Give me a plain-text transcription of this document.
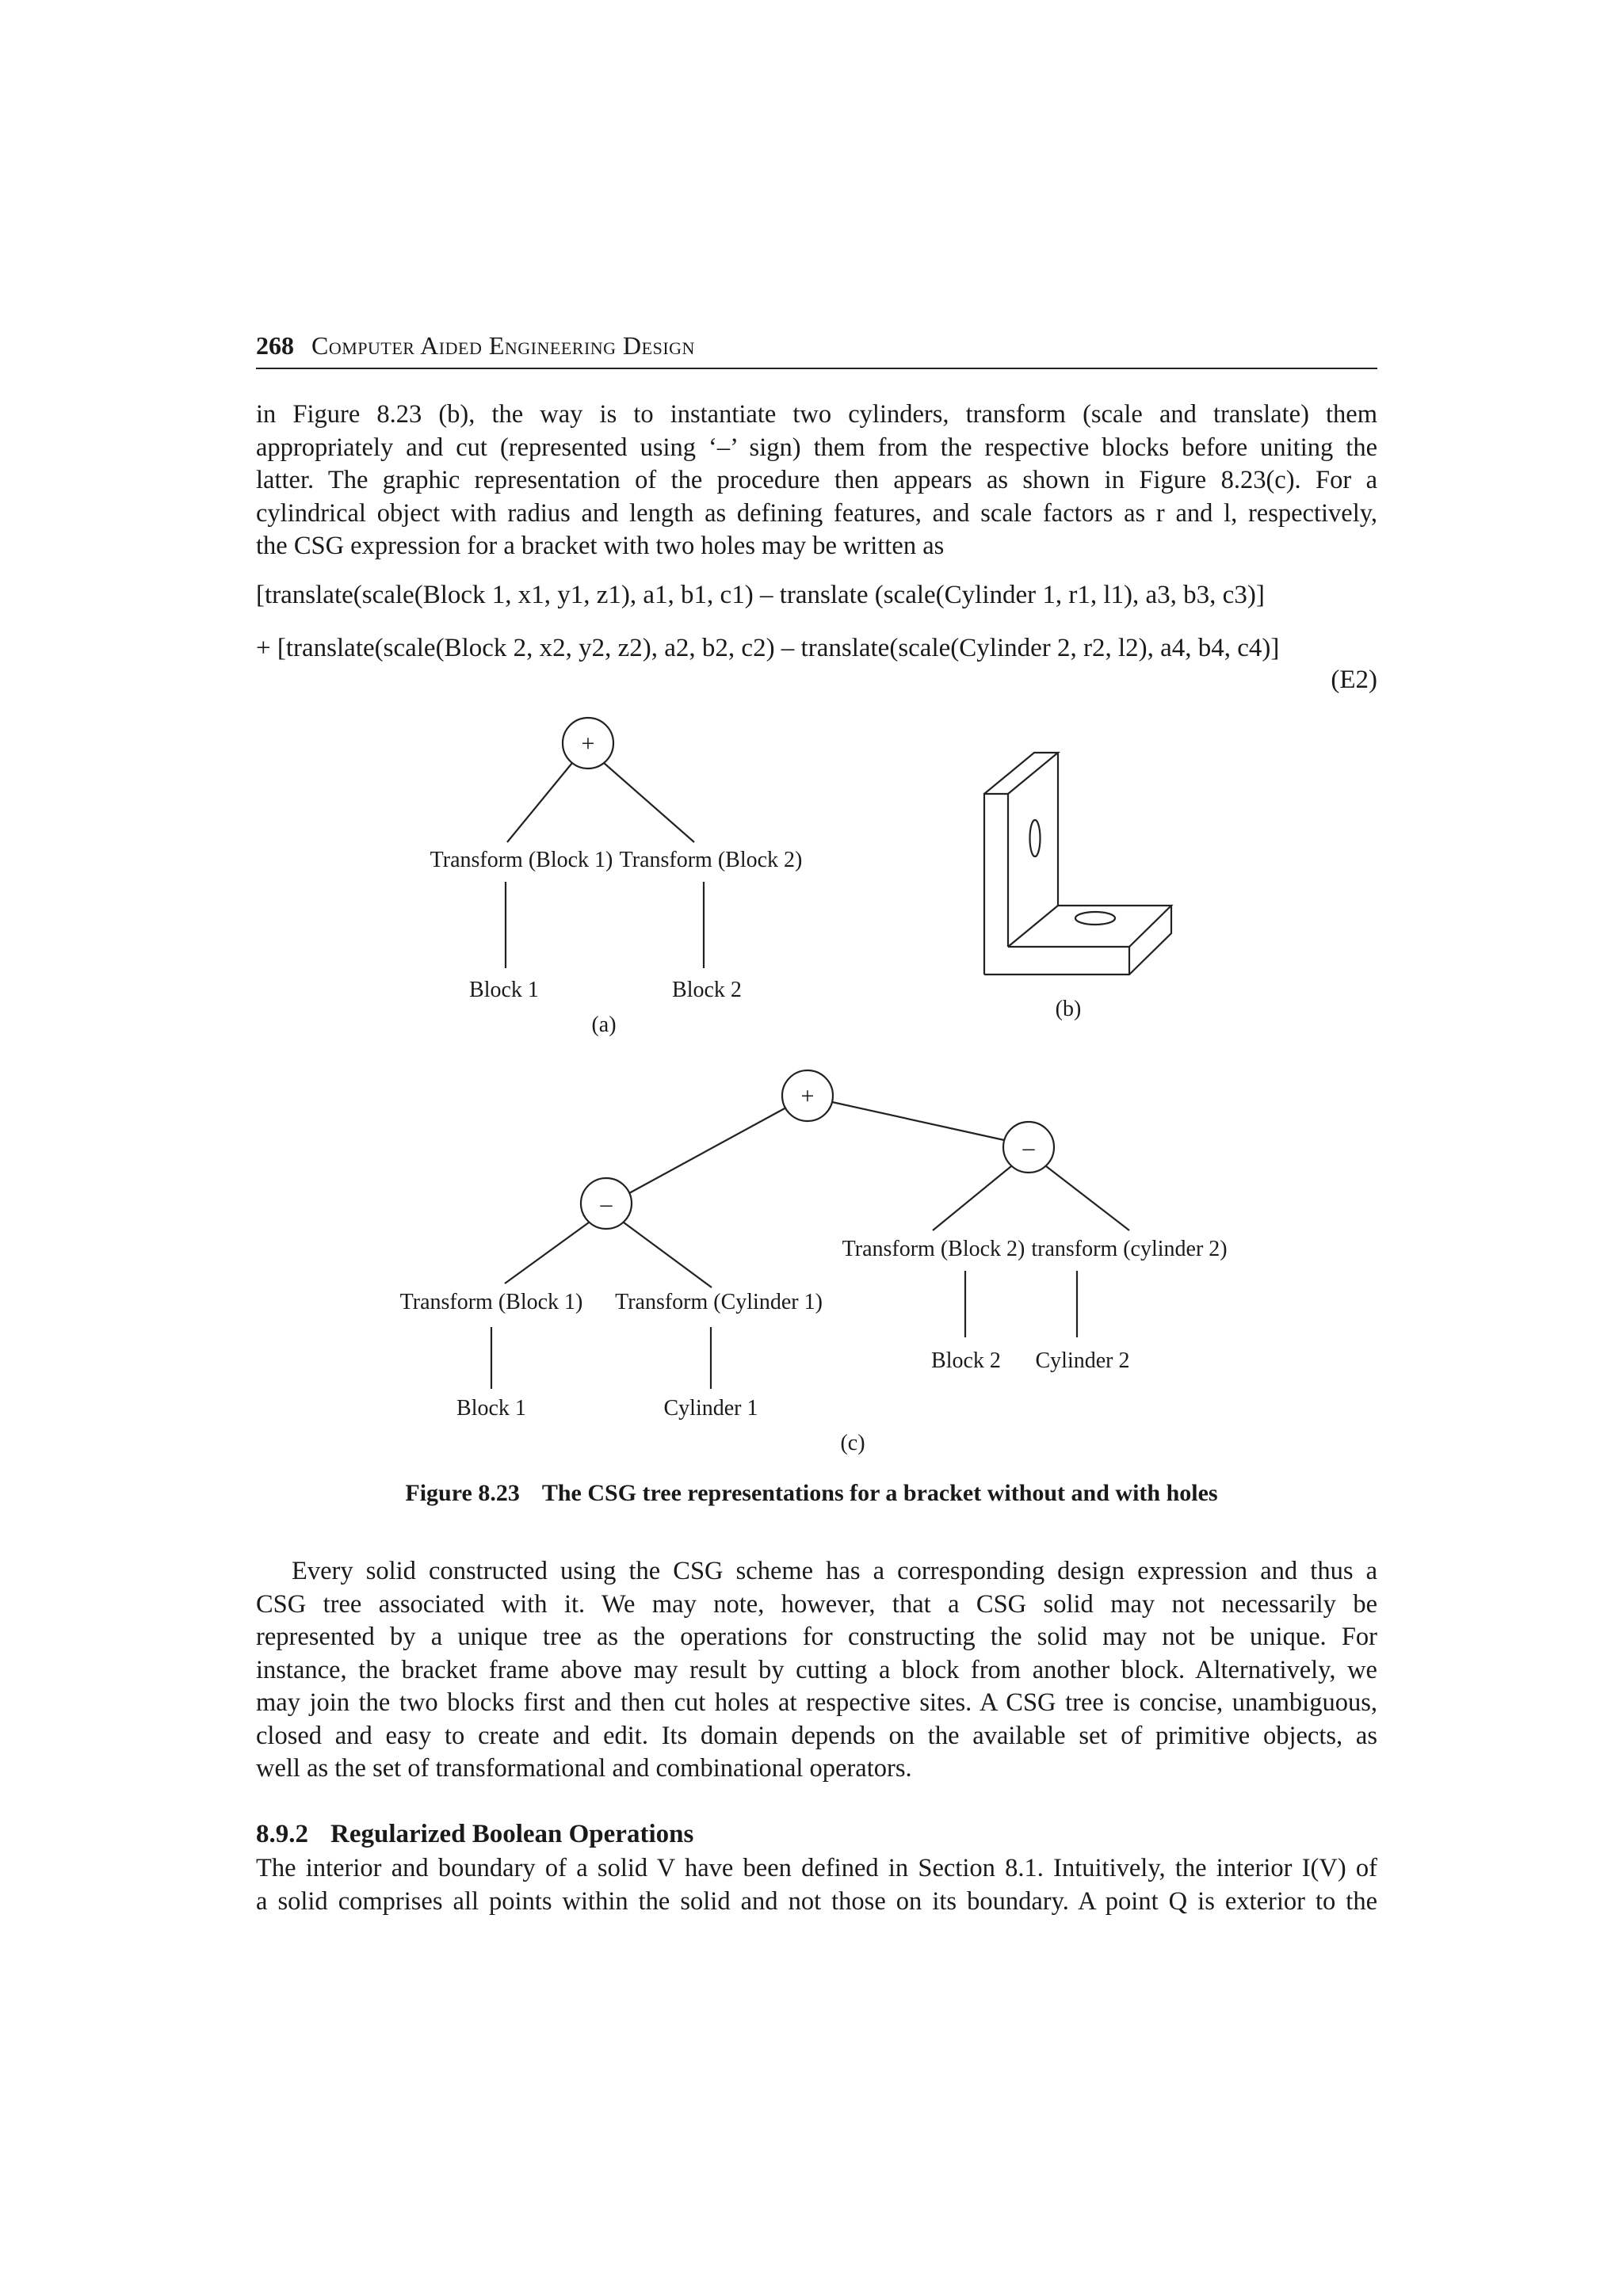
268 Computer Aided Engineering Design
in Figure 8.23 (b), the way is to instantiate two cylinders, transform (scale and translate) them
appropriately and cut (represented using ‘–’ sign) them from the respective blocks before uniting the
latter. The graphic representation of the procedure then appears as shown in Figure 8.23(c). For a
cylindrical object with radius and length as defining features, and scale factors as r and l, respectively,
the CSG expression for a bracket with two holes may be written as
[translate(scale(Block 1, x1, y1, z1), a1, b1, c1) – translate (scale(Cylinder 1, r1, l1), a3, b3, c3)]
+ [translate(scale(Block 2, x2, y2, z2), a2, b2, c2) – translate(scale(Cylinder 2, r2, l2), a4, b4, c4)]
(E2)
+
Transform (Block 1) Transform (Block 2)
Block 1	Block 2
(a)
(b)
+
–
–
Transform (Block 1) Transform (Cylinder 1)
Transform (Block 2) transform (cylinder 2)
Block 1	Cylinder 1
Block 2 Cylinder 2
(c)
Figure 8.23 The CSG tree representations for a bracket without and with holes
Every solid constructed using the CSG scheme has a corresponding design expression and thus a
CSG tree associated with it. We may note, however, that a CSG solid may not necessarily be
represented by a unique tree as the operations for constructing the solid may not be unique. For
instance, the bracket frame above may result by cutting a block from another block. Alternatively, we
may join the two blocks first and then cut holes at respective sites. A CSG tree is concise, unambiguous,
closed and easy to create and edit. Its domain depends on the available set of primitive objects, as
well as the set of transformational and combinational operators.
8.9.2 Regularized Boolean Operations
The interior and boundary of a solid V have been defined in Section 8.1. Intuitively, the interior I(V) of
a solid comprises all points within the solid and not those on its boundary. A point Q is exterior to the
